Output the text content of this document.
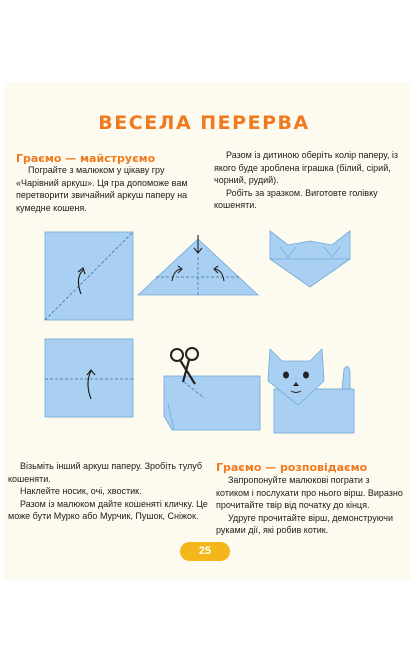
ВЕСЕЛА ПЕРЕРВА
Граємо — майструємо

Пограйте з малюком у цікаву гру «Чарівний аркуш». Ця гра допоможе вам перетворити звичайний аркуш паперу на кумедне кошеня.

Разом із дитиною оберіть колір паперу, із якого буде зроблена іграшка (білий, сірий, чорний, рудий).

Робіть за зразком. Виготовте голівку кошеняти.

Візьміть інший аркуш паперу. Зробіть тулуб кошеняти.

Наклейте носик, очі, хвостик.

Разом із малюком дайте кошеняті кличку. Це може бути Мурко або Мурчик, Пушок, Сніжок.

Граємо — розповідаємо

Запропонуйте малюкові пограти з котиком і послухати про нього вірш. Виразно прочитайте твір від початку до кінця.

Удруге прочитайте вірш, демонструючи руками дії, які робив котик.

25
